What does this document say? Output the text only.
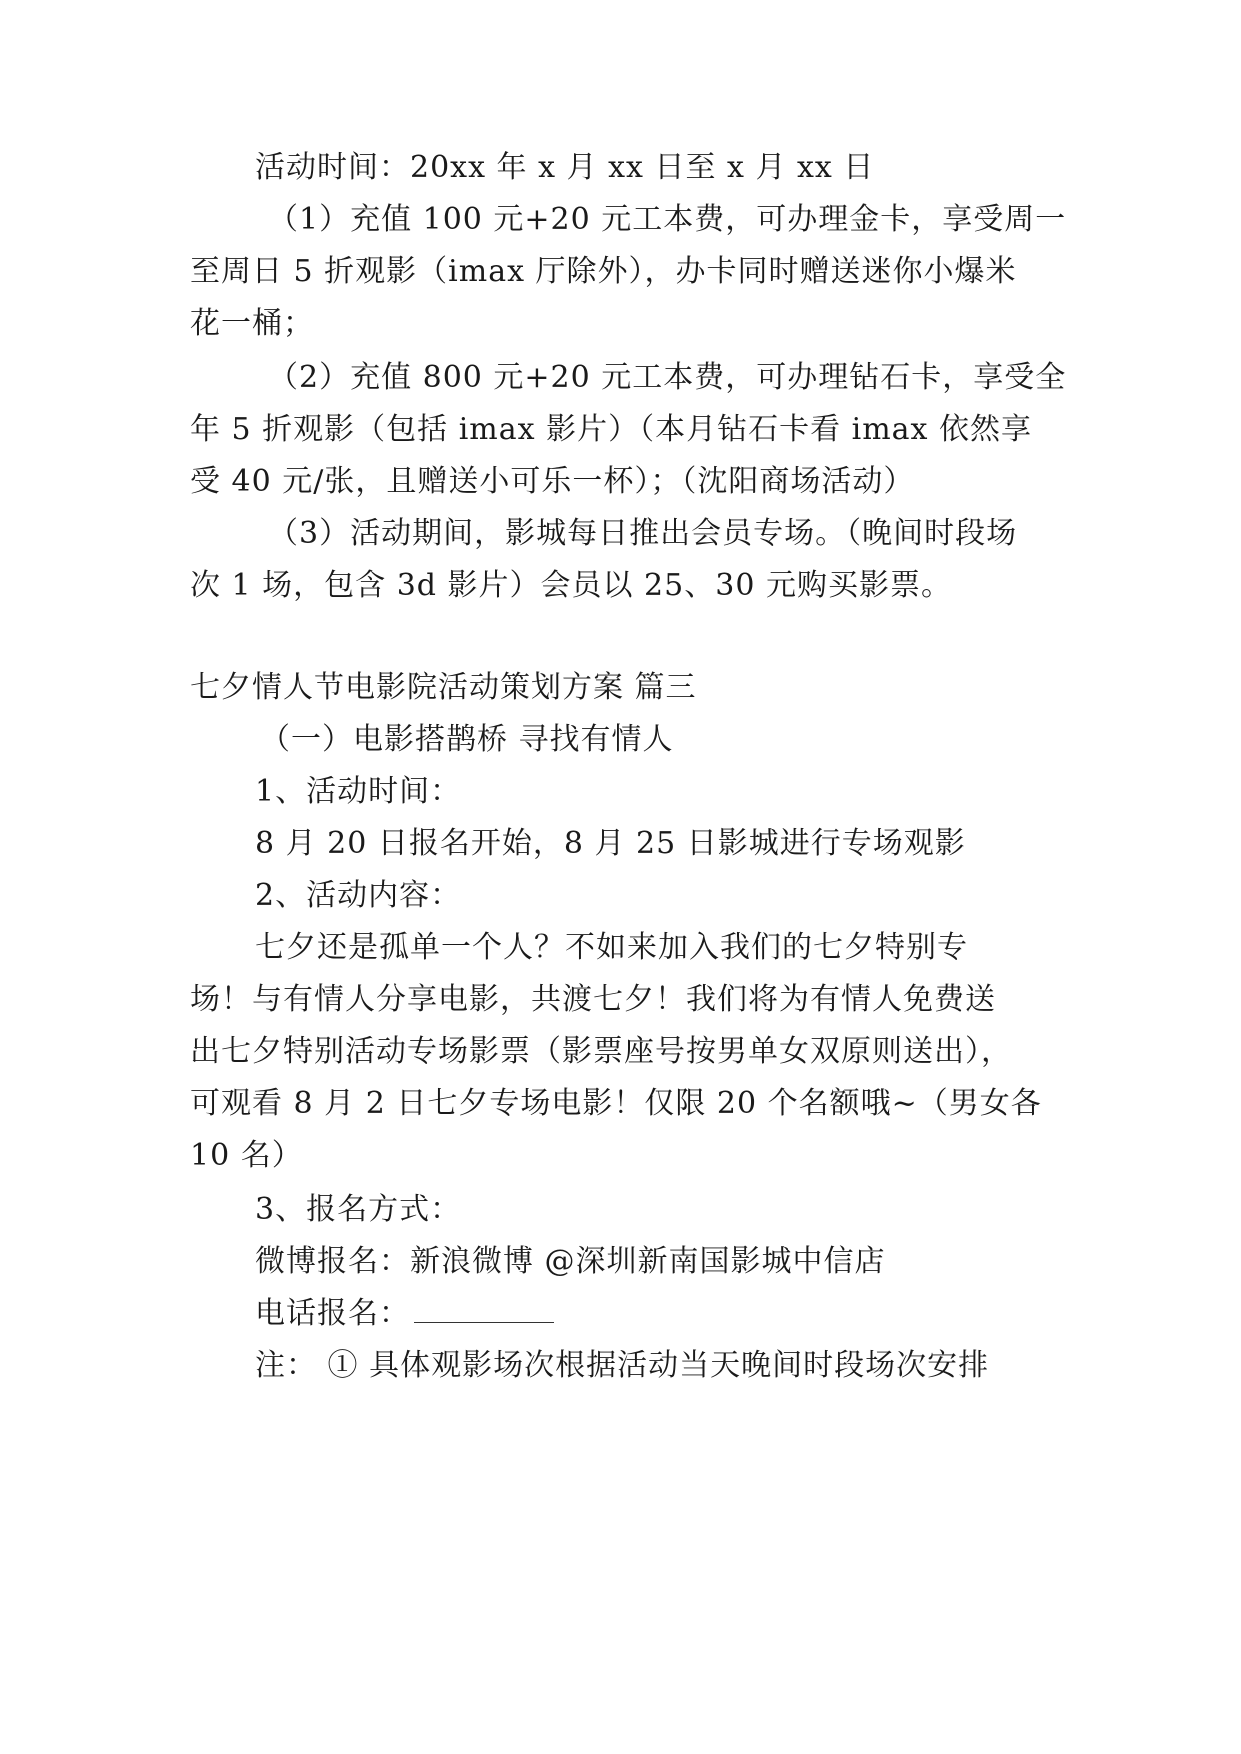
活动时间：20xx 年 x 月 xx 日至 x 月 xx 日
（1）充值 100 元+20 元工本费，可办理金卡，享受周一
至周日 5 折观影（imax 厅除外），办卡同时赠送迷你小爆米
花一桶；
（2）充值 800 元+20 元工本费，可办理钻石卡，享受全
年 5 折观影（包括 imax 影片）（本月钻石卡看 imax 依然享
受 40 元/张，且赠送小可乐一杯）；（沈阳商场活动）
（3）活动期间，影城每日推出会员专场。（晚间时段场
次 1 场，包含 3d 影片）会员以 25、30 元购买影票。
七夕情人节电影院活动策划方案 篇三
（一）电影搭鹊桥 寻找有情人
1、活动时间：
8 月 20 日报名开始，8 月 25 日影城进行专场观影
2、活动内容：
七夕还是孤单一个人？不如来加入我们的七夕特别专
场！与有情人分享电影，共渡七夕！我们将为有情人免费送
出七夕特别活动专场影票（影票座号按男单女双原则送出），
可观看 8 月 2 日七夕专场电影！仅限 20 个名额哦~（男女各
10 名）
3、报名方式：
微博报名：新浪微博 @深圳新南国影城中信店
电话报名：
注： ① 具体观影场次根据活动当天晚间时段场次安排
